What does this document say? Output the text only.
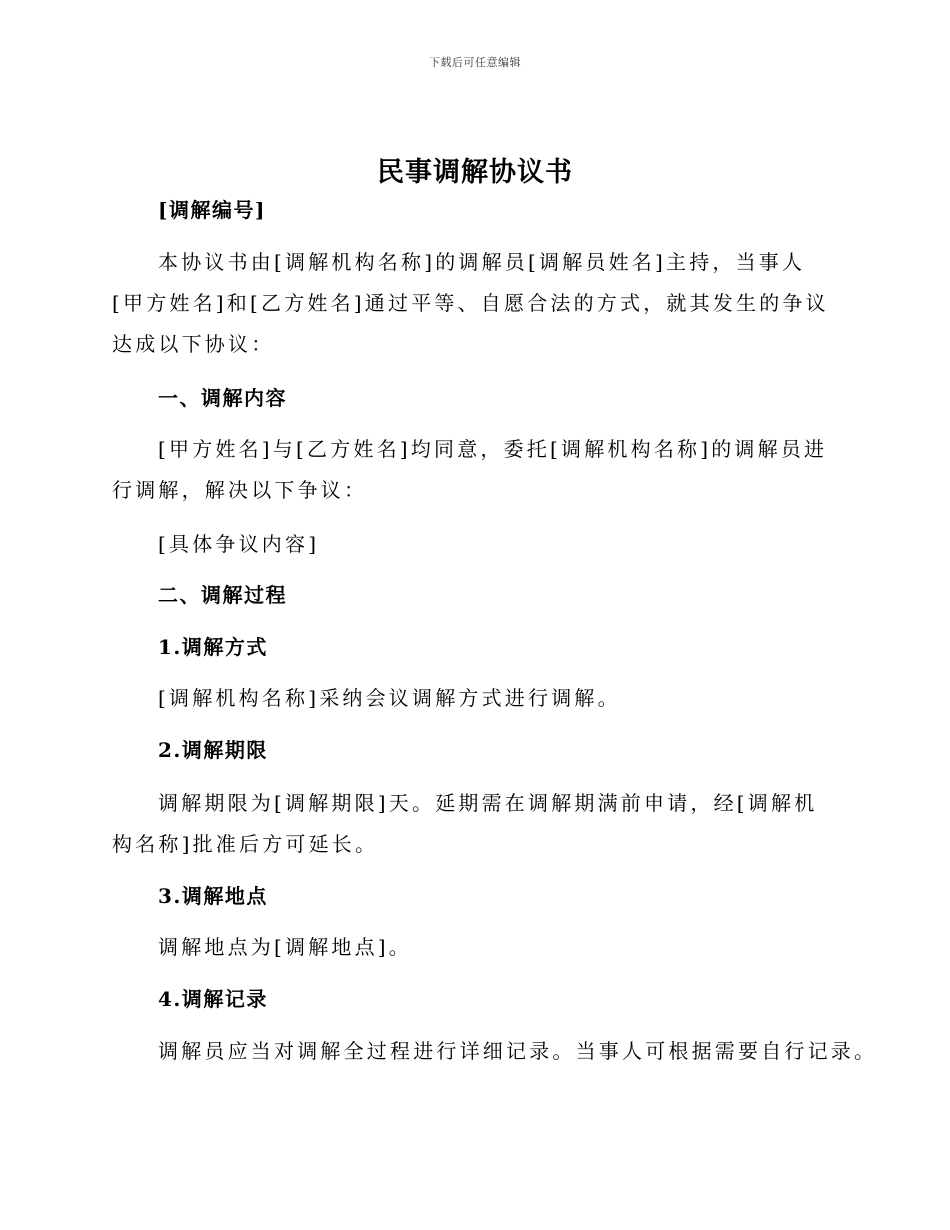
下载后可任意编辑
民事调解协议书
[调解编号]
本协议书由[调解机构名称]的调解员[调解员姓名]主持，当事人[甲方姓名]和[乙方姓名]通过平等、自愿合法的方式，就其发生的争议达成以下协议：
一、调解内容
[甲方姓名]与[乙方姓名]均同意，委托[调解机构名称]的调解员进行调解，解决以下争议：
[具体争议内容]
二、调解过程
1.调解方式
[调解机构名称]采纳会议调解方式进行调解。
2.调解期限
调解期限为[调解期限]天。延期需在调解期满前申请，经[调解机构名称]批准后方可延长。
3.调解地点
调解地点为[调解地点]。
4.调解记录
调解员应当对调解全过程进行详细记录。当事人可根据需要自行记录。
